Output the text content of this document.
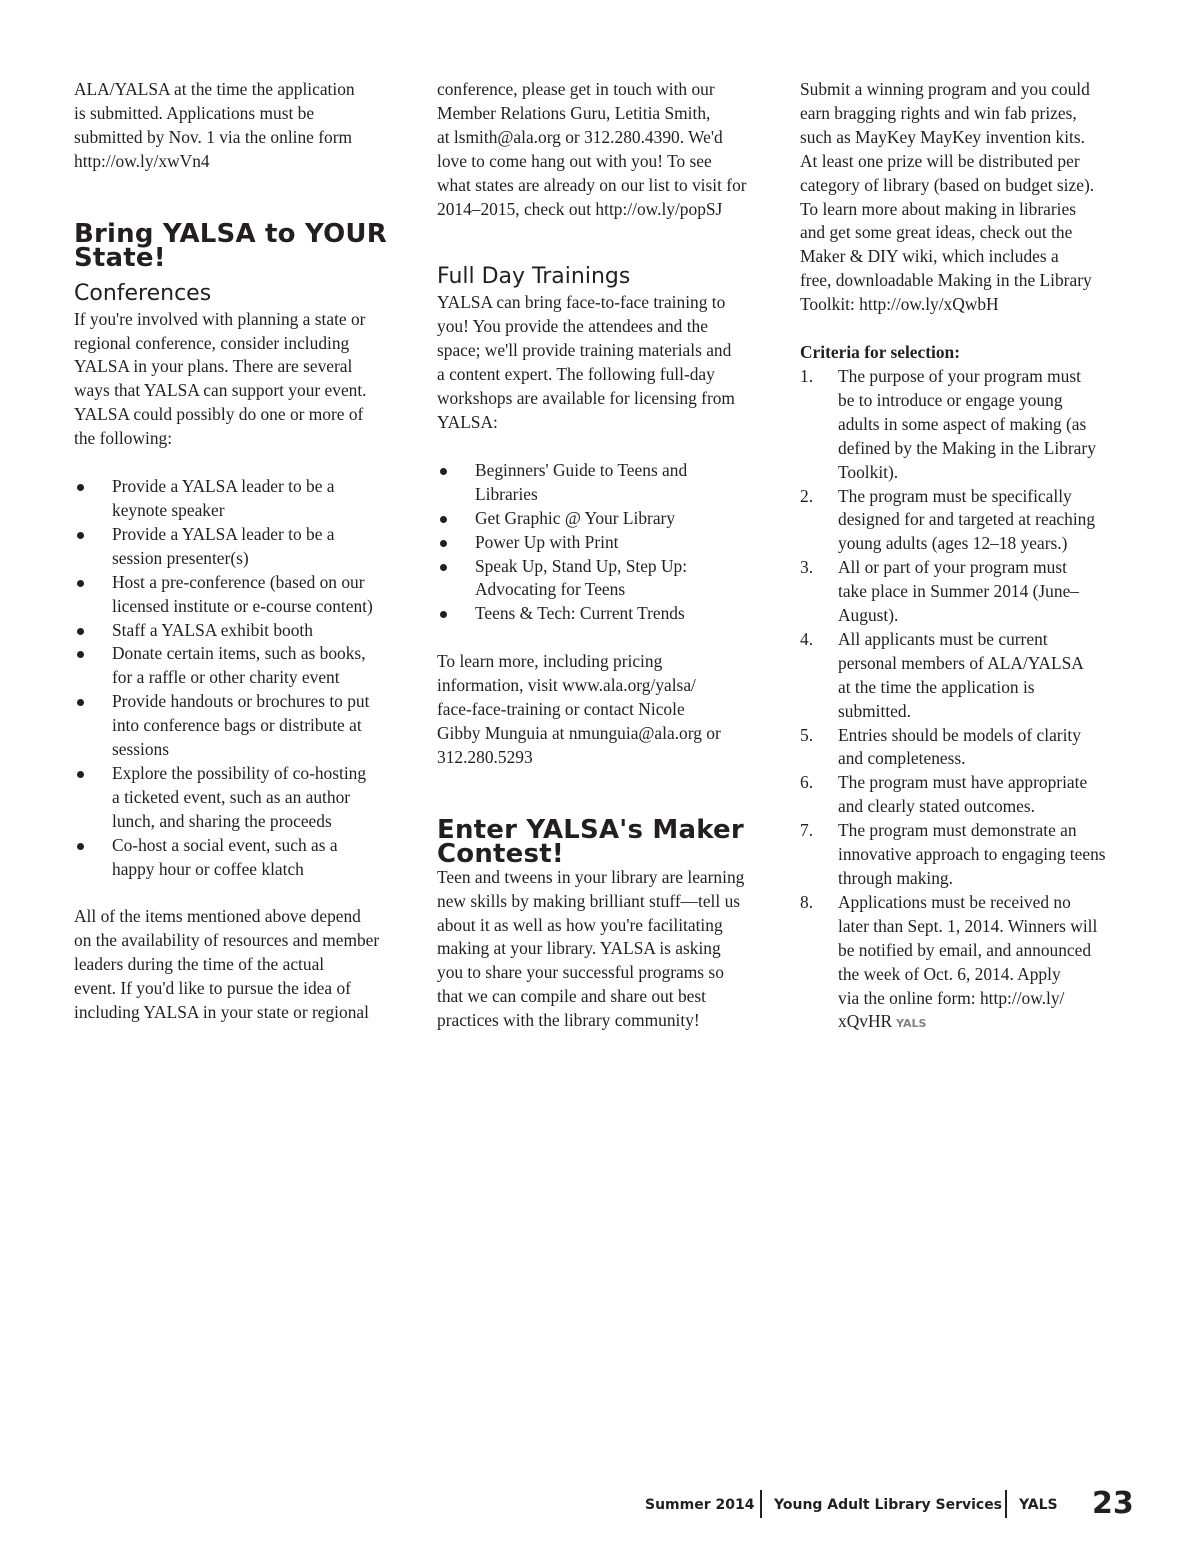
ALA/YALSA at the time the application
is submitted. Applications must be
submitted by Nov. 1 via the online form
http://ow.ly/xwVn4

Bring YALSA to YOUR
State!
Conferences

If you're involved with planning a state or
regional conference, consider including
YALSA in your plans. There are several
ways that YALSA can support your event.
YALSA could possibly do one or more of
the following:

Provide a YALSA leader to be a
keynote speaker
Provide a YALSA leader to be a
session presenter(s)
Host a pre-conference (based on our
licensed institute or e-course content)
Staff a YALSA exhibit booth
Donate certain items, such as books,
for a raffle or other charity event
Provide handouts or brochures to put
into conference bags or distribute at
sessions
Explore the possibility of co-hosting
a ticketed event, such as an author
lunch, and sharing the proceeds
Co-host a social event, such as a
happy hour or coffee klatch

All of the items mentioned above depend
on the availability of resources and member
leaders during the time of the actual
event. If you'd like to pursue the idea of
including YALSA in your state or regional

conference, please get in touch with our
Member Relations Guru, Letitia Smith,
at lsmith@ala.org or 312.280.4390. We'd
love to come hang out with you! To see
what states are already on our list to visit for
2014–2015, check out http://ow.ly/popSJ

Full Day Trainings

YALSA can bring face-to-face training to
you! You provide the attendees and the
space; we'll provide training materials and
a content expert. The following full-day
workshops are available for licensing from
YALSA:

Beginners' Guide to Teens and
Libraries
Get Graphic @ Your Library
Power Up with Print
Speak Up, Stand Up, Step Up:
Advocating for Teens
Teens & Tech: Current Trends

To learn more, including pricing
information, visit www.ala.org/yalsa/
face-face-training or contact Nicole
Gibby Munguia at nmunguia@ala.org or
312.280.5293

Enter YALSA's Maker
Contest!

Teen and tweens in your library are learning
new skills by making brilliant stuff—tell us
about it as well as how you're facilitating
making at your library. YALSA is asking
you to share your successful programs so
that we can compile and share out best
practices with the library community!

Submit a winning program and you could
earn bragging rights and win fab prizes,
such as MayKey MayKey invention kits.
At least one prize will be distributed per
category of library (based on budget size).
To learn more about making in libraries
and get some great ideas, check out the
Maker & DIY wiki, which includes a
free, downloadable Making in the Library
Toolkit: http://ow.ly/xQwbH

Criteria for selection:

1. The purpose of your program must
be to introduce or engage young
adults in some aspect of making (as
defined by the Making in the Library
Toolkit).
2. The program must be specifically
designed for and targeted at reaching
young adults (ages 12–18 years.)
3. All or part of your program must
take place in Summer 2014 (June–
August).
4. All applicants must be current
personal members of ALA/YALSA
at the time the application is
submitted.
5. Entries should be models of clarity
and completeness.
6. The program must have appropriate
and clearly stated outcomes.
7. The program must demonstrate an
innovative approach to engaging teens
through making.
8. Applications must be received no
later than Sept. 1, 2014. Winners will
be notified by email, and announced
the week of Oct. 6, 2014. Apply
via the online form: http://ow.ly/
xQvHR YALS
Summer 2014 Young Adult Library Services YALS 23
